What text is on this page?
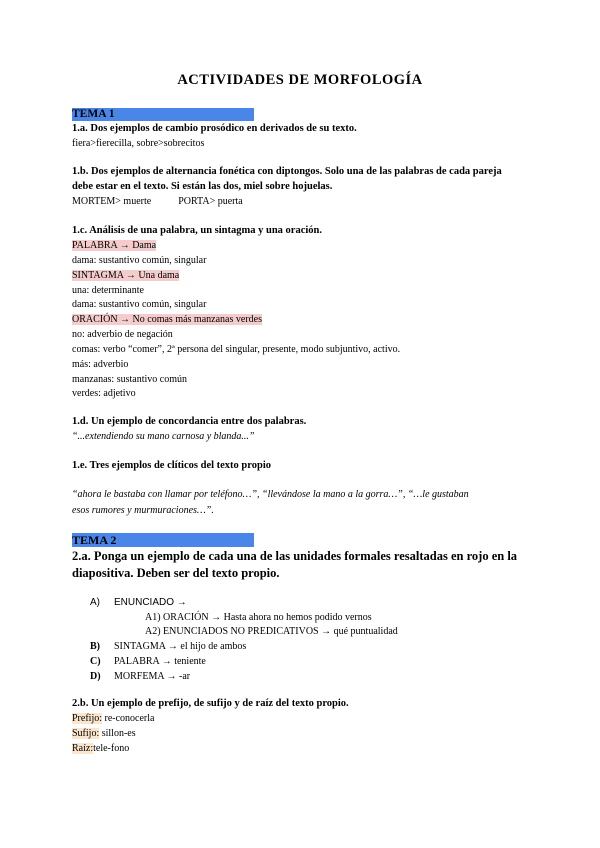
ACTIVIDADES DE MORFOLOGÍA
TEMA 1
1.a. Dos ejemplos de cambio prosódico en derivados de su texto.
fiera>fierecilla, sobre>sobrecitos
1.b. Dos ejemplos de alternancia fonética con diptongos. Solo una de las palabras de cada pareja
debe estar en el texto. Si están las dos, miel sobre hojuelas.
MORTEM> muerte	PORTA> puerta
1.c. Análisis de una palabra, un sintagma y una oración.
PALABRA → Dama
dama: sustantivo común, singular
SINTAGMA → Una dama
una: determinante
dama: sustantivo común, singular
ORACIÓN → No comas más manzanas verdes
no: adverbio de negación
comas: verbo “comer”, 2ª persona del singular, presente, modo subjuntivo, activo.
más: adverbio
manzanas: sustantivo común
verdes: adjetivo
1.d. Un ejemplo de concordancia entre dos palabras.
“...extendiendo su mano carnosa y blanda...”
1.e. Tres ejemplos de clíticos del texto propio
“ahora le bastaba con llamar por teléfono…”, “llevándose la mano a la gorra…”, “…le gustaban
esos rumores y murmuraciones…”.
TEMA 2
2.a. Ponga un ejemplo de cada una de las unidades formales resaltadas en rojo en la
diapositiva. Deben ser del texto propio.
A) ENUNCIADO →
A1) ORACIÓN → Hasta ahora no hemos podido vernos
A2) ENUNCIADOS NO PREDICATIVOS → qué puntualidad
B) SINTAGMA → el hijo de ambos
C) PALABRA → teniente
D) MORFEMA → -ar
2.b. Un ejemplo de prefijo, de sufijo y de raíz del texto propio.
Prefijo: re-conocerla
Sufijo: sillon-es
Raíz:tele-fono
